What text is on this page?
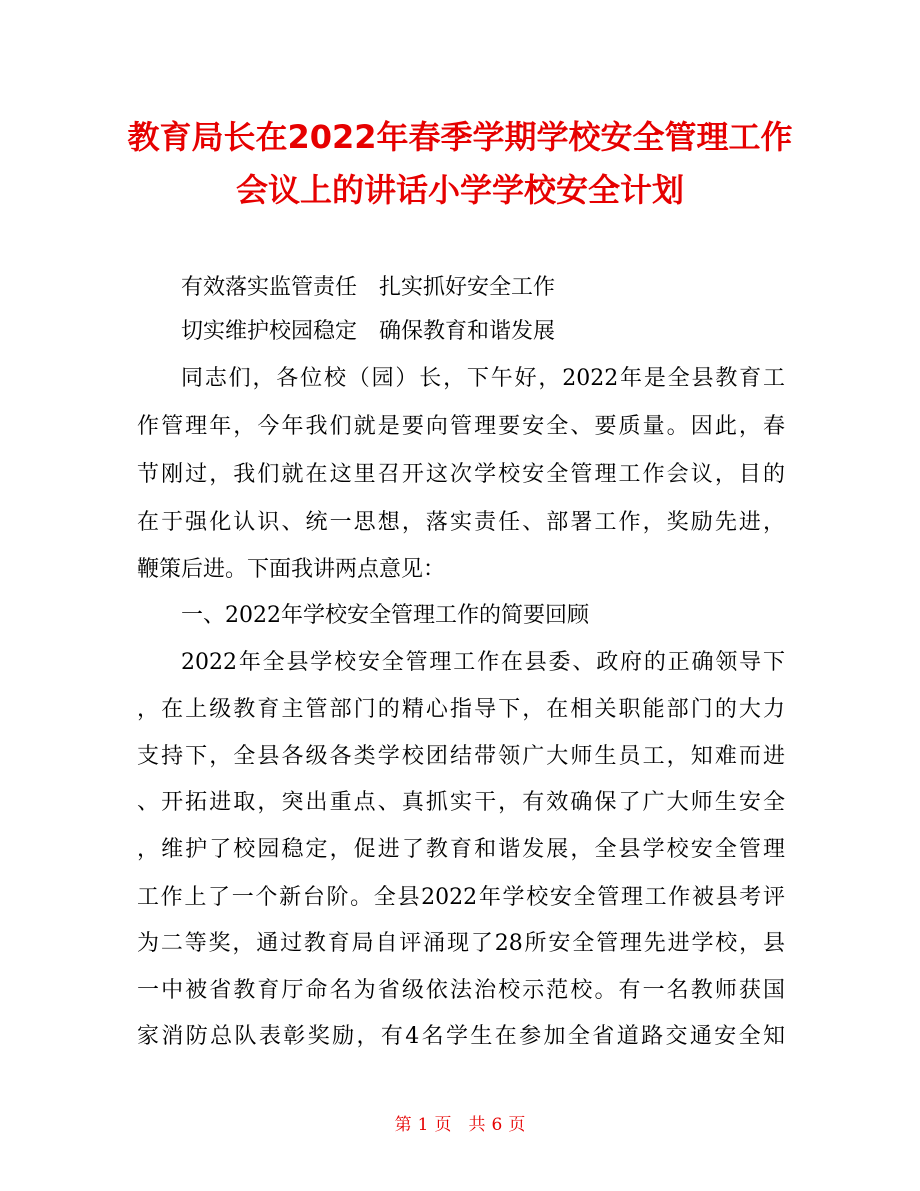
教育局长在2022年春季学期学校安全管理工作
会议上的讲话小学学校安全计划

有效落实监管责任　扎实抓好安全工作

切实维护校园稳定　确保教育和谐发展

同志们，各位校（园）长，下午好，2022年是全县教育工

作管理年，今年我们就是要向管理要安全、要质量。因此，春

节刚过，我们就在这里召开这次学校安全管理工作会议，目的

在于强化认识、统一思想，落实责任、部署工作，奖励先进，

鞭策后进。下面我讲两点意见：

一、2022年学校安全管理工作的简要回顾

2022年全县学校安全管理工作在县委、政府的正确领导下

，在上级教育主管部门的精心指导下，在相关职能部门的大力

支持下，全县各级各类学校团结带领广大师生员工，知难而进

、开拓进取，突出重点、真抓实干，有效确保了广大师生安全

，维护了校园稳定，促进了教育和谐发展，全县学校安全管理

工作上了一个新台阶。全县2022年学校安全管理工作被县考评

为二等奖，通过教育局自评涌现了28所安全管理先进学校，县

一中被省教育厅命名为省级依法治校示范校。有一名教师获国

家消防总队表彰奖励，有4名学生在参加全省道路交通安全知

第 1 页　共 6 页
